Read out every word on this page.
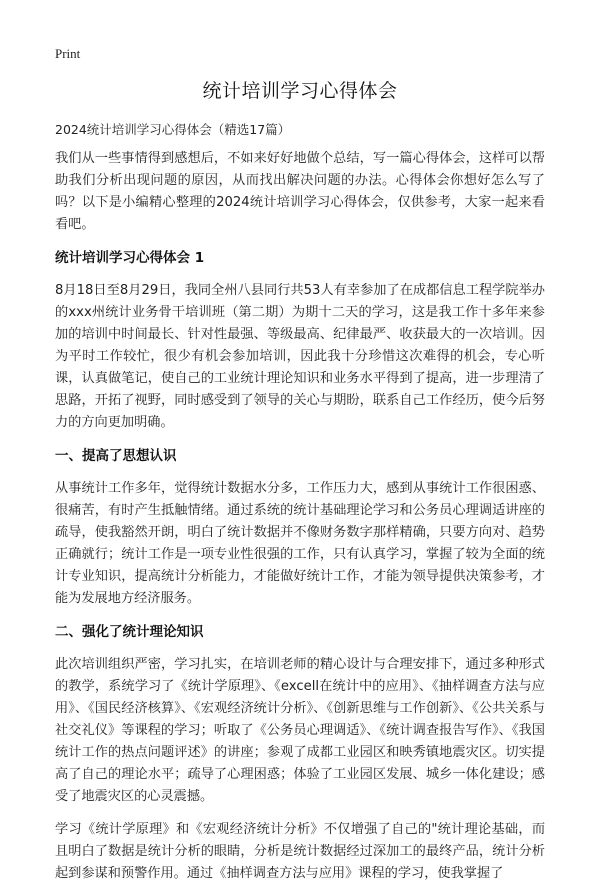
Print
统计培训学习心得体会
2024统计培训学习心得体会（精选17篇）

我们从一些事情得到感想后，不如来好好地做个总结，写一篇心得体会，这样可以帮助我们分析出现问题的原因，从而找出解决问题的办法。心得体会你想好怎么写了吗？以下是小编精心整理的2024统计培训学习心得体会，仅供参考，大家一起来看看吧。

统计培训学习心得体会 1

8月18日至8月29日，我同全州八县同行共53人有幸参加了在成都信息工程学院举办的xxx州统计业务骨干培训班（第二期）为期十二天的学习，这是我工作十多年来参加的培训中时间最长、针对性最强、等级最高、纪律最严、收获最大的一次培训。因为平时工作较忙，很少有机会参加培训，因此我十分珍惜这次难得的机会，专心听课，认真做笔记，使自己的工业统计理论知识和业务水平得到了提高，进一步理清了思路，开拓了视野，同时感受到了领导的关心与期盼，联系自己工作经历，使今后努力的方向更加明确。

一、提高了思想认识

从事统计工作多年，觉得统计数据水分多，工作压力大，感到从事统计工作很困惑、很痛苦，有时产生抵触情绪。通过系统的统计基础理论学习和公务员心理调适讲座的疏导，使我豁然开朗，明白了统计数据并不像财务数字那样精确，只要方向对、趋势正确就行；统计工作是一项专业性很强的工作，只有认真学习，掌握了较为全面的统计专业知识，提高统计分析能力，才能做好统计工作，才能为领导提供决策参考，才能为发展地方经济服务。

二、强化了统计理论知识

此次培训组织严密，学习扎实，在培训老师的精心设计与合理安排下，通过多种形式的教学，系统学习了《统计学原理》、《excell在统计中的应用》、《抽样调查方法与应用》、《国民经济核算》、《宏观经济统计分析》、《创新思维与工作创新》、《公共关系与社交礼仪》等课程的学习；听取了《公务员心理调适》、《统计调查报告写作》、《我国统计工作的热点问题评述》的讲座；参观了成都工业园区和映秀镇地震灾区。切实提高了自己的理论水平；疏导了心理困惑；体验了工业园区发展、城乡一体化建设；感受了地震灾区的心灵震撼。

学习《统计学原理》和《宏观经济统计分析》不仅增强了自己的"统计理论基础，而且明白了数据是统计分析的眼睛，分析是统计数据经过深加工的最终产品，统计分析起到参谋和预警作用。通过《抽样调查方法与应用》课程的学习，使我掌握了
